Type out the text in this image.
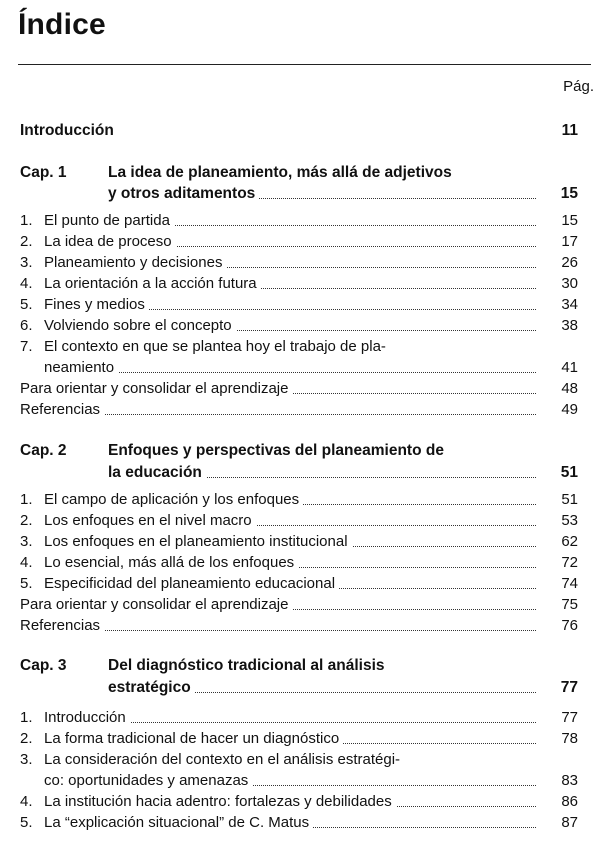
Índice
Pág.
Introducción	11
Cap. 1	La idea de planeamiento, más allá de adjetivos
y otros aditamentos	15
1. El punto de partida	15
2. La idea de proceso	17
3. Planeamiento y decisiones	26
4. La orientación a la acción futura	30
5. Fines y medios	34
6. Volviendo sobre el concepto	38
7. El contexto en que se plantea hoy el trabajo de pla-
neamiento	41
Para orientar y consolidar el aprendizaje	48
Referencias	49
Cap. 2	Enfoques y perspectivas del planeamiento de
la educación	51
1. El campo de aplicación y los enfoques	51
2. Los enfoques en el nivel macro	53
3. Los enfoques en el planeamiento institucional	62
4. Lo esencial, más allá de los enfoques	72
5. Especificidad del planeamiento educacional	74
Para orientar y consolidar el aprendizaje	75
Referencias	76
Cap. 3	Del diagnóstico tradicional al análisis
estratégico	77
1. Introducción	77
2. La forma tradicional de hacer un diagnóstico	78
3. La consideración del contexto en el análisis estratégi-
co: oportunidades y amenazas	83
4. La institución hacia adentro: fortalezas y debilidades	86
5. La “explicación situacional” de C. Matus	87
